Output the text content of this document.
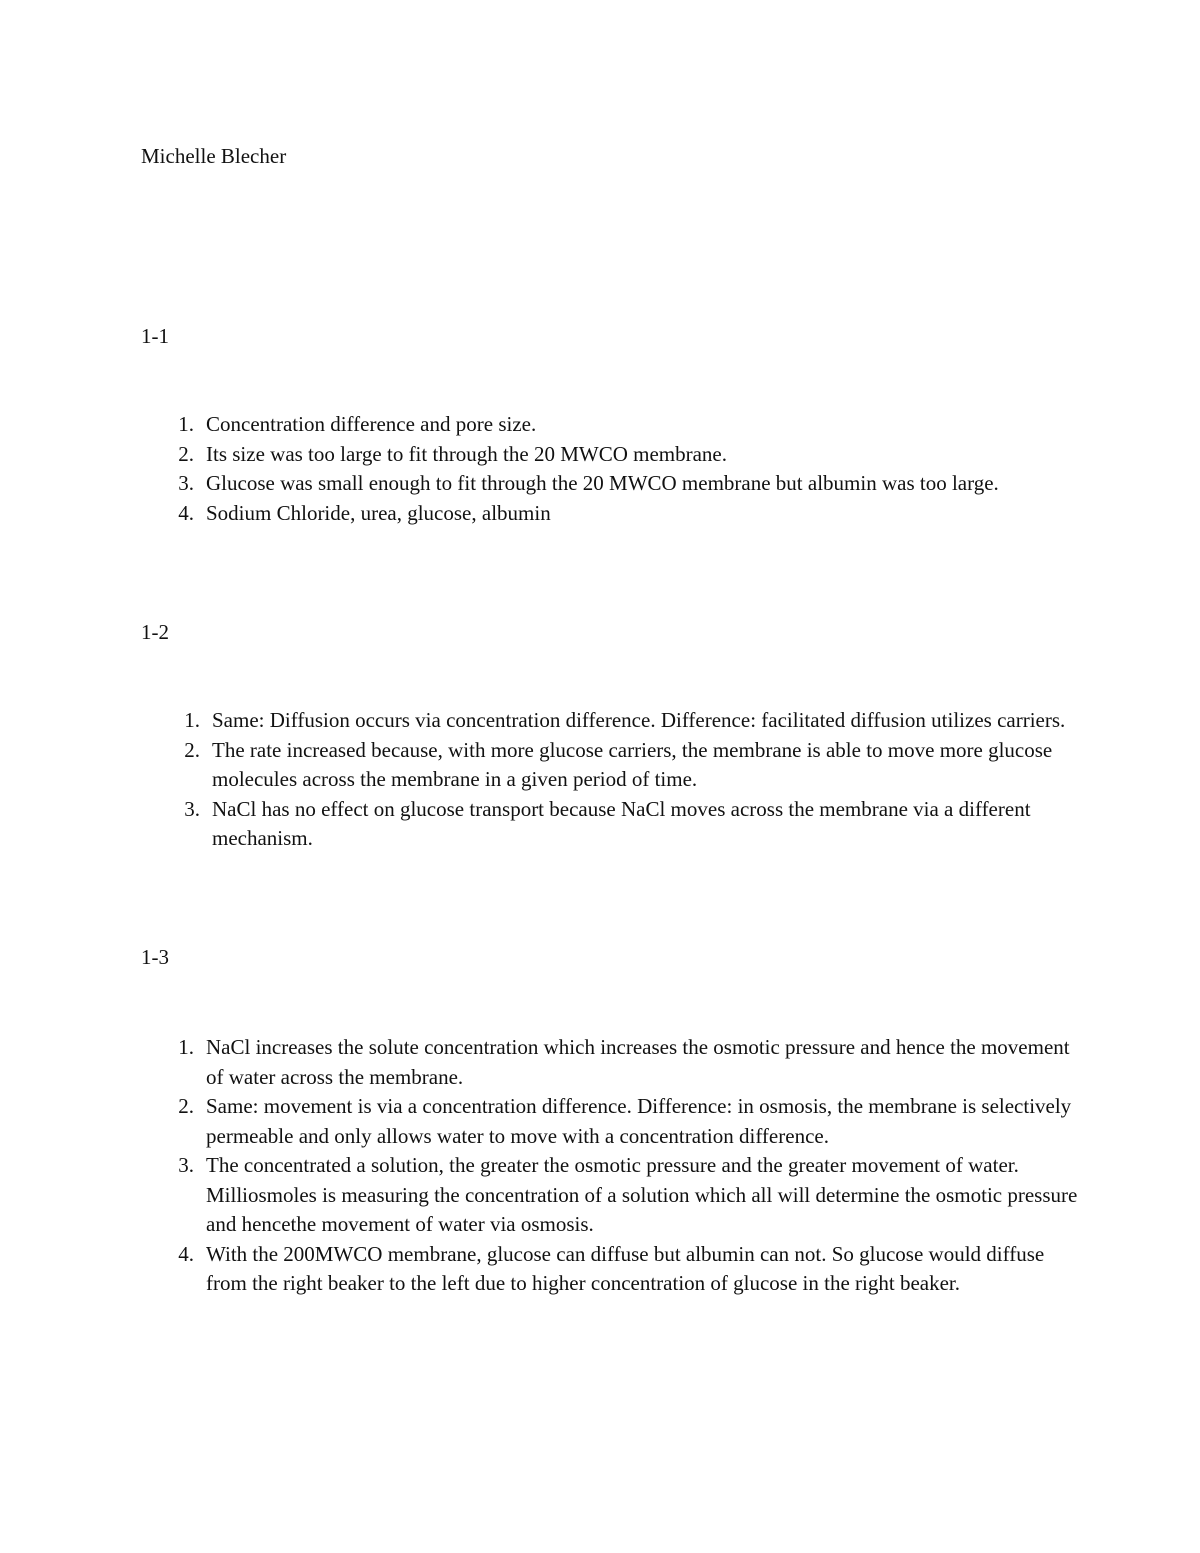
Michelle Blecher
1-1
1. Concentration difference and pore size.
2. Its size was too large to fit through the 20 MWCO membrane.
3. Glucose was small enough to fit through the 20 MWCO membrane but albumin was too large.
4. Sodium Chloride, urea, glucose, albumin
1-2
1. Same: Diffusion occurs via concentration difference. Difference: facilitated diffusion utilizes carriers.
2. The rate increased because, with more glucose carriers, the membrane is able to move more glucose molecules across the membrane in a given period of time.
3. NaCl has no effect on glucose transport because NaCl moves across the membrane via a different mechanism.
1-3
1. NaCl increases the solute concentration which increases the osmotic pressure and hence the movement of water across the membrane.
2. Same: movement is via a concentration difference. Difference: in osmosis, the membrane is selectively permeable and only allows water to move with a concentration difference.
3. The concentrated a solution, the greater the osmotic pressure and the greater movement of water. Milliosmoles is measuring the concentration of a solution which all will determine the osmotic pressure and hencethe movement of water via osmosis.
4. With the 200MWCO membrane, glucose can diffuse but albumin can not. So glucose would diffuse from the right beaker to the left due to higher concentration of glucose in the right beaker.
